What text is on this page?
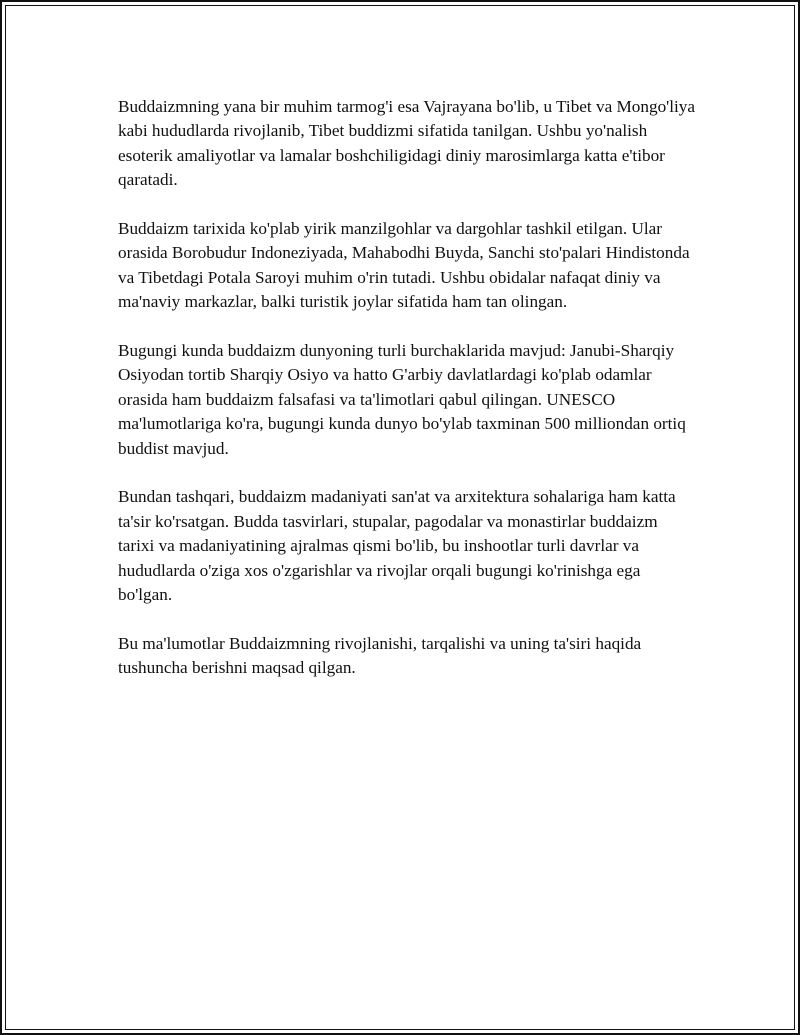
Buddaizmning yana bir muhim tarmog'i esa Vajrayana bo'lib, u Tibet va Mongo'liya kabi hududlarda rivojlanib, Tibet buddizmi sifatida tanilgan. Ushbu yo'nalish esoterik amaliyotlar va lamalar boshchiligidagi diniy marosimlarga katta e'tibor qaratadi.

Buddaizm tarixida ko'plab yirik manzilgohlar va dargohlar tashkil etilgan. Ular orasida Borobudur Indoneziyada, Mahabodhi Buyda, Sanchi sto'palari Hindistonda va Tibetdagi Potala Saroyi muhim o'rin tutadi. Ushbu obidalar nafaqat diniy va ma'naviy markazlar, balki turistik joylar sifatida ham tan olingan.

Bugungi kunda buddaizm dunyoning turli burchaklarida mavjud: Janubi-Sharqiy Osiyodan tortib Sharqiy Osiyo va hatto G'arbiy davlatlardagi ko'plab odamlar orasida ham buddaizm falsafasi va ta'limotlari qabul qilingan. UNESCO ma'lumotlariga ko'ra, bugungi kunda dunyo bo'ylab taxminan 500 milliondan ortiq buddist mavjud.

Bundan tashqari, buddaizm madaniyati san'at va arxitektura sohalariga ham katta ta'sir ko'rsatgan. Budda tasvirlari, stupalar, pagodalar va monastirlar buddaizm tarixi va madaniyatining ajralmas qismi bo'lib, bu inshootlar turli davrlar va hududlarda o'ziga xos o'zgarishlar va rivojlar orqali bugungi ko'rinishga ega bo'lgan.

Bu ma'lumotlar Buddaizmning rivojlanishi, tarqalishi va uning ta'siri haqida tushuncha berishni maqsad qilgan.
